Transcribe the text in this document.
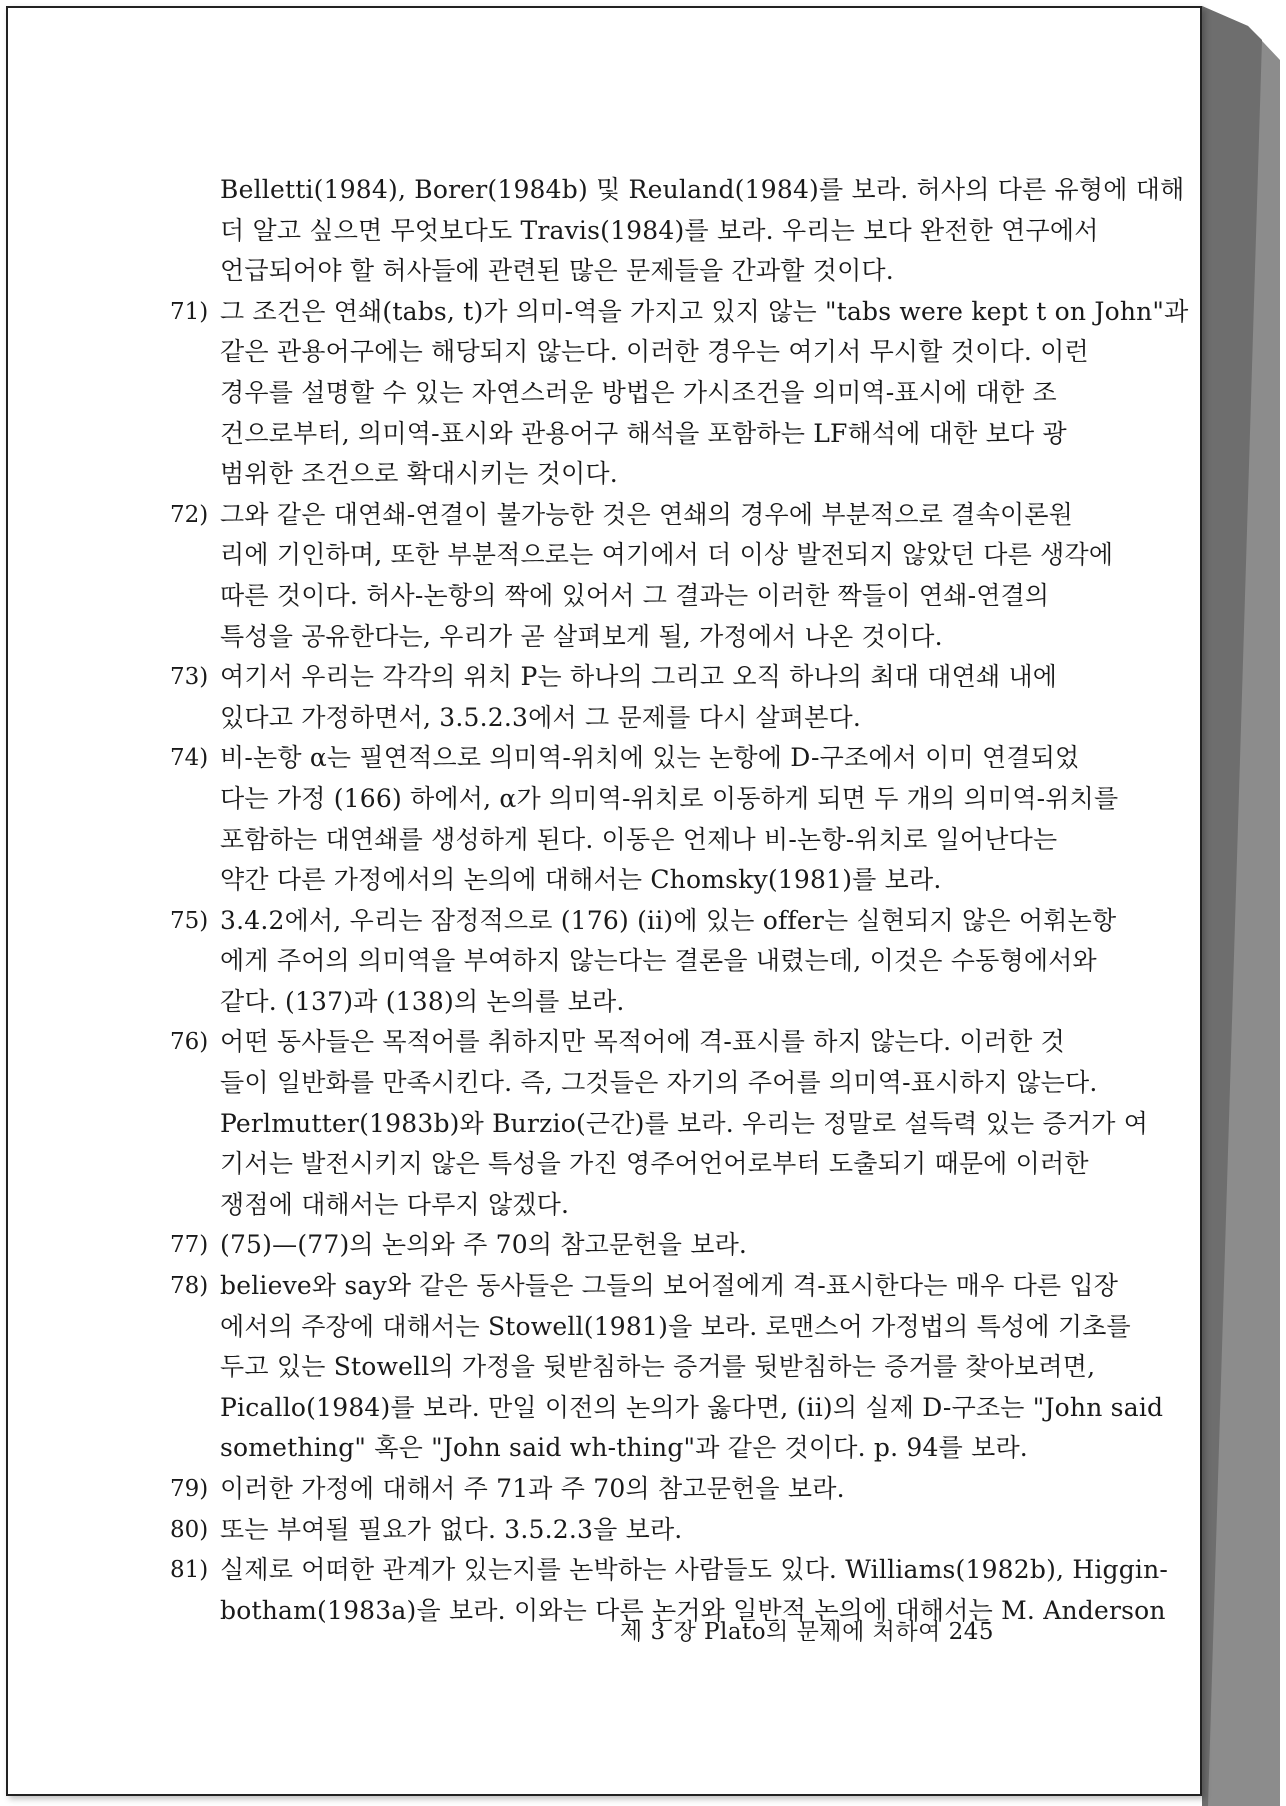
Belletti(1984), Borer(1984b) 및 Reuland(1984)를 보라. 허사의 다른 유형에 대해
더 알고 싶으면 무엇보다도 Travis(1984)를 보라. 우리는 보다 완전한 연구에서
언급되어야 할 허사들에 관련된 많은 문제들을 간과할 것이다.
71) 그 조건은 연쇄(tabs, t)가 의미-역을 가지고 있지 않는 "tabs were kept t on John"과
같은 관용어구에는 해당되지 않는다. 이러한 경우는 여기서 무시할 것이다. 이런
경우를 설명할 수 있는 자연스러운 방법은 가시조건을 의미역-표시에 대한 조
건으로부터, 의미역-표시와 관용어구 해석을 포함하는 LF해석에 대한 보다 광
범위한 조건으로 확대시키는 것이다.
72) 그와 같은 대연쇄-연결이 불가능한 것은 연쇄의 경우에 부분적으로 결속이론원
리에 기인하며, 또한 부분적으로는 여기에서 더 이상 발전되지 않았던 다른 생각에
따른 것이다. 허사-논항의 짝에 있어서 그 결과는 이러한 짝들이 연쇄-연결의
특성을 공유한다는, 우리가 곧 살펴보게 될, 가정에서 나온 것이다.
73) 여기서 우리는 각각의 위치 P는 하나의 그리고 오직 하나의 최대 대연쇄 내에
있다고 가정하면서, 3.5.2.3에서 그 문제를 다시 살펴본다.
74) 비-논항 α는 필연적으로 의미역-위치에 있는 논항에 D-구조에서 이미 연결되었
다는 가정 (166) 하에서, α가 의미역-위치로 이동하게 되면 두 개의 의미역-위치를
포함하는 대연쇄를 생성하게 된다. 이동은 언제나 비-논항-위치로 일어난다는
약간 다른 가정에서의 논의에 대해서는 Chomsky(1981)를 보라.
75) 3.4.2에서, 우리는 잠정적으로 (176) (ii)에 있는 offer는 실현되지 않은 어휘논항
에게 주어의 의미역을 부여하지 않는다는 결론을 내렸는데, 이것은 수동형에서와
같다. (137)과 (138)의 논의를 보라.
76) 어떤 동사들은 목적어를 취하지만 목적어에 격-표시를 하지 않는다. 이러한 것
들이 일반화를 만족시킨다. 즉, 그것들은 자기의 주어를 의미역-표시하지 않는다.
Perlmutter(1983b)와 Burzio(근간)를 보라. 우리는 정말로 설득력 있는 증거가 여
기서는 발전시키지 않은 특성을 가진 영주어언어로부터 도출되기 때문에 이러한
쟁점에 대해서는 다루지 않겠다.
77) (75)—(77)의 논의와 주 70의 참고문헌을 보라.
78) believe와 say와 같은 동사들은 그들의 보어절에게 격-표시한다는 매우 다른 입장
에서의 주장에 대해서는 Stowell(1981)을 보라. 로맨스어 가정법의 특성에 기초를
두고 있는 Stowell의 가정을 뒷받침하는 증거를 뒷받침하는 증거를 찾아보려면,
Picallo(1984)를 보라. 만일 이전의 논의가 옳다면, (ii)의 실제 D-구조는 "John said
something" 혹은 "John said wh-thing"과 같은 것이다. p. 94를 보라.
79) 이러한 가정에 대해서 주 71과 주 70의 참고문헌을 보라.
80) 또는 부여될 필요가 없다. 3.5.2.3을 보라.
81) 실제로 어떠한 관계가 있는지를 논박하는 사람들도 있다. Williams(1982b), Higgin-
botham(1983a)을 보라. 이와는 다른 논거와 일반적 논의에 대해서는 M. Anderson
제 3 장 Plato의 문제에 처하여 245
